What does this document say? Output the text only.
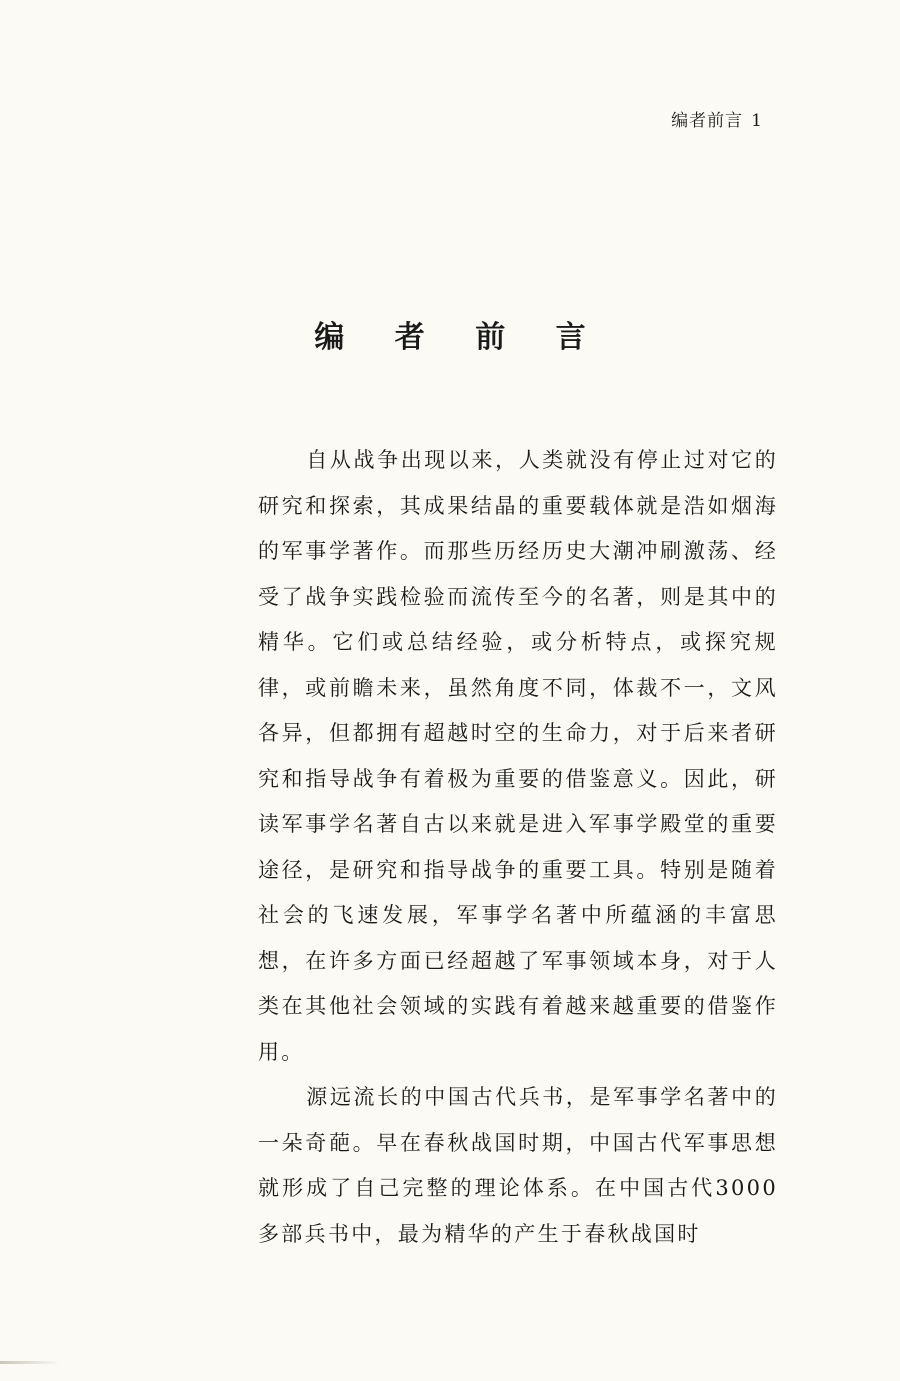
编者前言 1
编 者 前 言

自从战争出现以来，人类就没有停止过对它的研究和探索，其成果结晶的重要载体就是浩如烟海的军事学著作。而那些历经历史大潮冲刷激荡、经受了战争实践检验而流传至今的名著，则是其中的精华。它们或总结经验，或分析特点，或探究规律，或前瞻未来，虽然角度不同，体裁不一，文风各异，但都拥有超越时空的生命力，对于后来者研究和指导战争有着极为重要的借鉴意义。因此，研读军事学名著自古以来就是进入军事学殿堂的重要途径，是研究和指导战争的重要工具。特别是随着社会的飞速发展，军事学名著中所蕴涵的丰富思想，在许多方面已经超越了军事领域本身，对于人类在其他社会领域的实践有着越来越重要的借鉴作用。

源远流长的中国古代兵书，是军事学名著中的一朵奇葩。早在春秋战国时期，中国古代军事思想就形成了自己完整的理论体系。在中国古代3000 多部兵书中，最为精华的产生于春秋战国时
